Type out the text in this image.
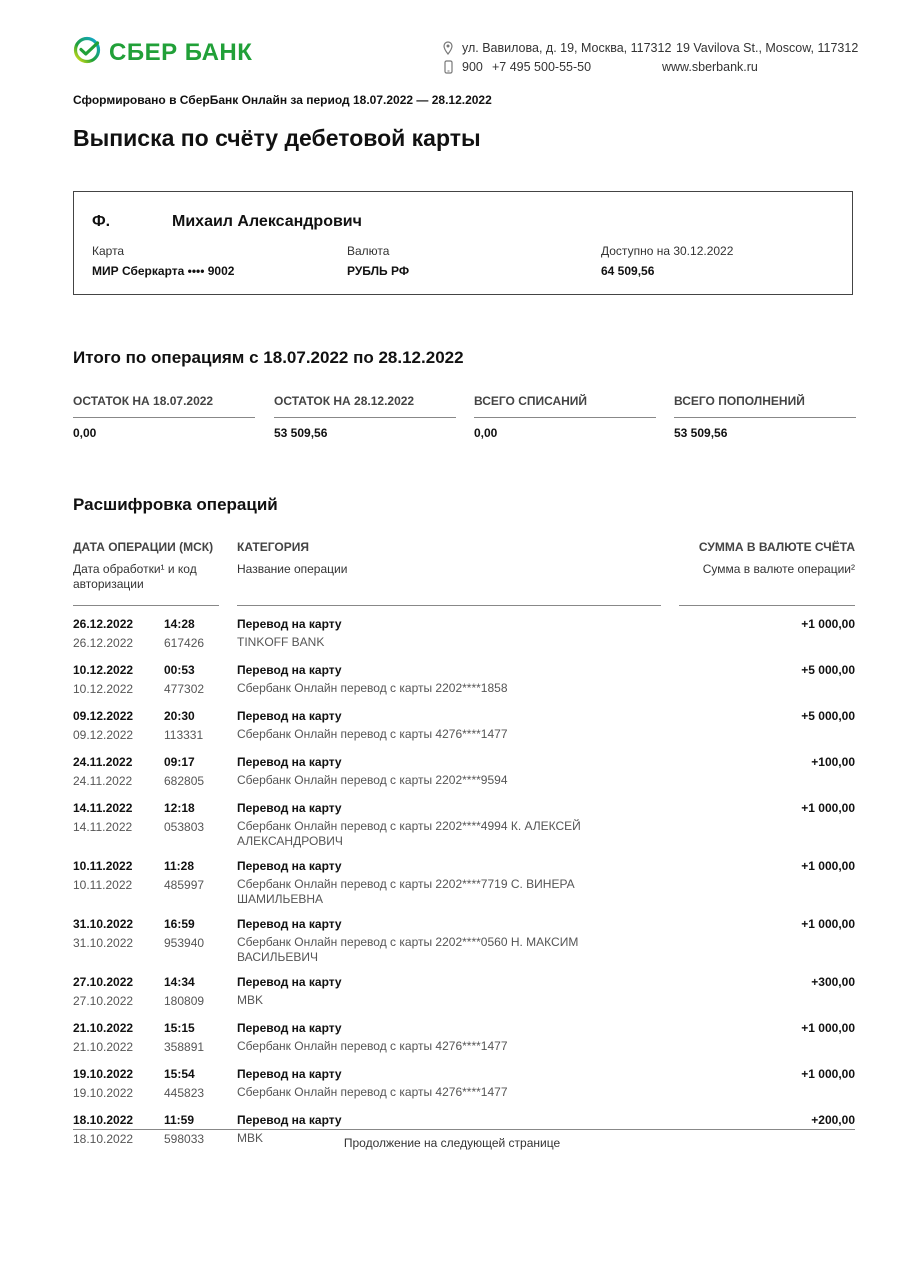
СБЕР БАНК	ул. Вавилова, д. 19, Москва, 117312 19 Vavilova St., Moscow, 117312
900 +7 495 500-55-50	www.sberbank.ru
Сформировано в СберБанк Онлайн за период 18.07.2022 — 28.12.2022
Выписка по счёту дебетовой карты
Ф.	Михаил Александрович
Карта
МИР Сберкарта •••• 9002
Валюта
РУБЛЬ РФ
Доступно на 30.12.2022
64 509,56
Итого по операциям с 18.07.2022 по 28.12.2022
ОСТАТОК НА 18.07.2022
0,00
ОСТАТОК НА 28.12.2022
53 509,56
ВСЕГО СПИСАНИЙ
0,00
ВСЕГО ПОПОЛНЕНИЙ
53 509,56
Расшифровка операций
ДАТА ОПЕРАЦИИ (МСК)
Дата обработки¹ и код авторизации
КАТЕГОРИЯ
Название операции
СУММА В ВАЛЮТЕ СЧЁТА
Сумма в валюте операции²
26.12.2022	14:28	Перевод на карту	+1 000,00
26.12.2022	617426	TINKOFF BANK
10.12.2022	00:53	Перевод на карту	+5 000,00
10.12.2022	477302	Сбербанк Онлайн перевод с карты 2202****1858
09.12.2022	20:30	Перевод на карту	+5 000,00
09.12.2022	113331	Сбербанк Онлайн перевод с карты 4276****1477
24.11.2022	09:17	Перевод на карту	+100,00
24.11.2022	682805	Сбербанк Онлайн перевод с карты 2202****9594
14.11.2022	12:18	Перевод на карту	+1 000,00
14.11.2022	053803	Сбербанк Онлайн перевод с карты 2202****4994 К. АЛЕКСЕЙ АЛЕКСАНДРОВИЧ
10.11.2022	11:28	Перевод на карту	+1 000,00
10.11.2022	485997	Сбербанк Онлайн перевод с карты 2202****7719 С. ВИНЕРА ШАМИЛЬЕВНА
31.10.2022	16:59	Перевод на карту	+1 000,00
31.10.2022	953940	Сбербанк Онлайн перевод с карты 2202****0560 Н. МАКСИМ ВАСИЛЬЕВИЧ
27.10.2022	14:34	Перевод на карту	+300,00
27.10.2022	180809	MBK
21.10.2022	15:15	Перевод на карту	+1 000,00
21.10.2022	358891	Сбербанк Онлайн перевод с карты 4276****1477
19.10.2022	15:54	Перевод на карту	+1 000,00
19.10.2022	445823	Сбербанк Онлайн перевод с карты 4276****1477
18.10.2022	11:59	Перевод на карту	+200,00
18.10.2022	598033	MBK	Продолжение на следующей странице
